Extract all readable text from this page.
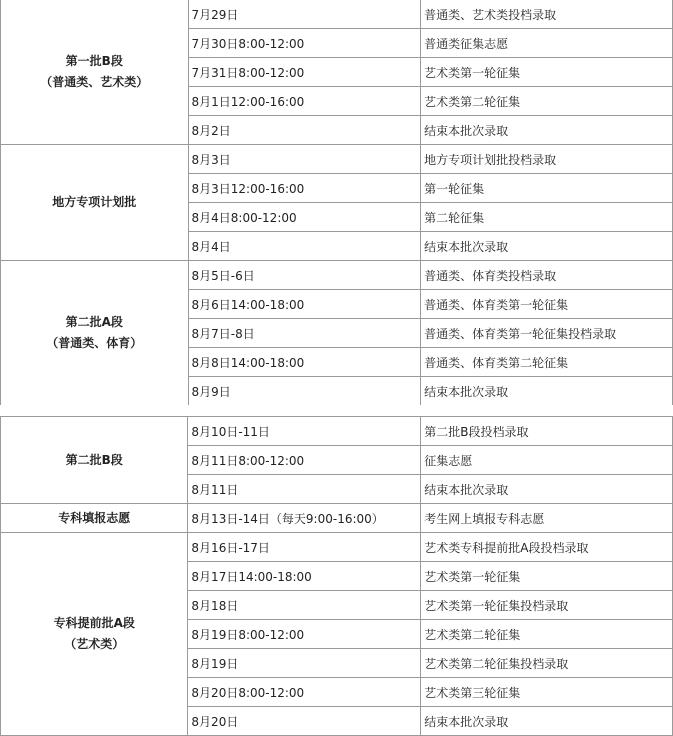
第一批B段
（普通类、艺术类）	7月29日	普通类、艺术类投档录取
	7月30日8:00-12:00	普通类征集志愿
	7月31日8:00-12:00	艺术类第一轮征集
	8月1日12:00-16:00	艺术类第二轮征集
	8月2日	结束本批次录取

地方专项计划批	8月3日	地方专项计划批投档录取
	8月3日12:00-16:00	第一轮征集
	8月4日8:00-12:00	第二轮征集
	8月4日	结束本批次录取

第二批A段
（普通类、体育）	8月5日-6日	普通类、体育类投档录取
	8月6日14:00-18:00	普通类、体育类第一轮征集
	8月7日-8日	普通类、体育类第一轮征集投档录取
	8月8日14:00-18:00	普通类、体育类第二轮征集
	8月9日	结束本批次录取
第二批B段	8月10日-11日	第二批B段投档录取
	8月11日8:00-12:00	征集志愿
	8月11日	结束本批次录取

专科填报志愿	8月13日-14日（每天9:00-16:00）	考生网上填报专科志愿

专科提前批A段
（艺术类）	8月16日-17日	艺术类专科提前批A段投档录取
	8月17日14:00-18:00	艺术类第一轮征集
	8月18日	艺术类第一轮征集投档录取
	8月19日8:00-12:00	艺术类第二轮征集
	8月19日	艺术类第二轮征集投档录取
	8月20日8:00-12:00	艺术类第三轮征集
	8月20日	结束本批次录取
